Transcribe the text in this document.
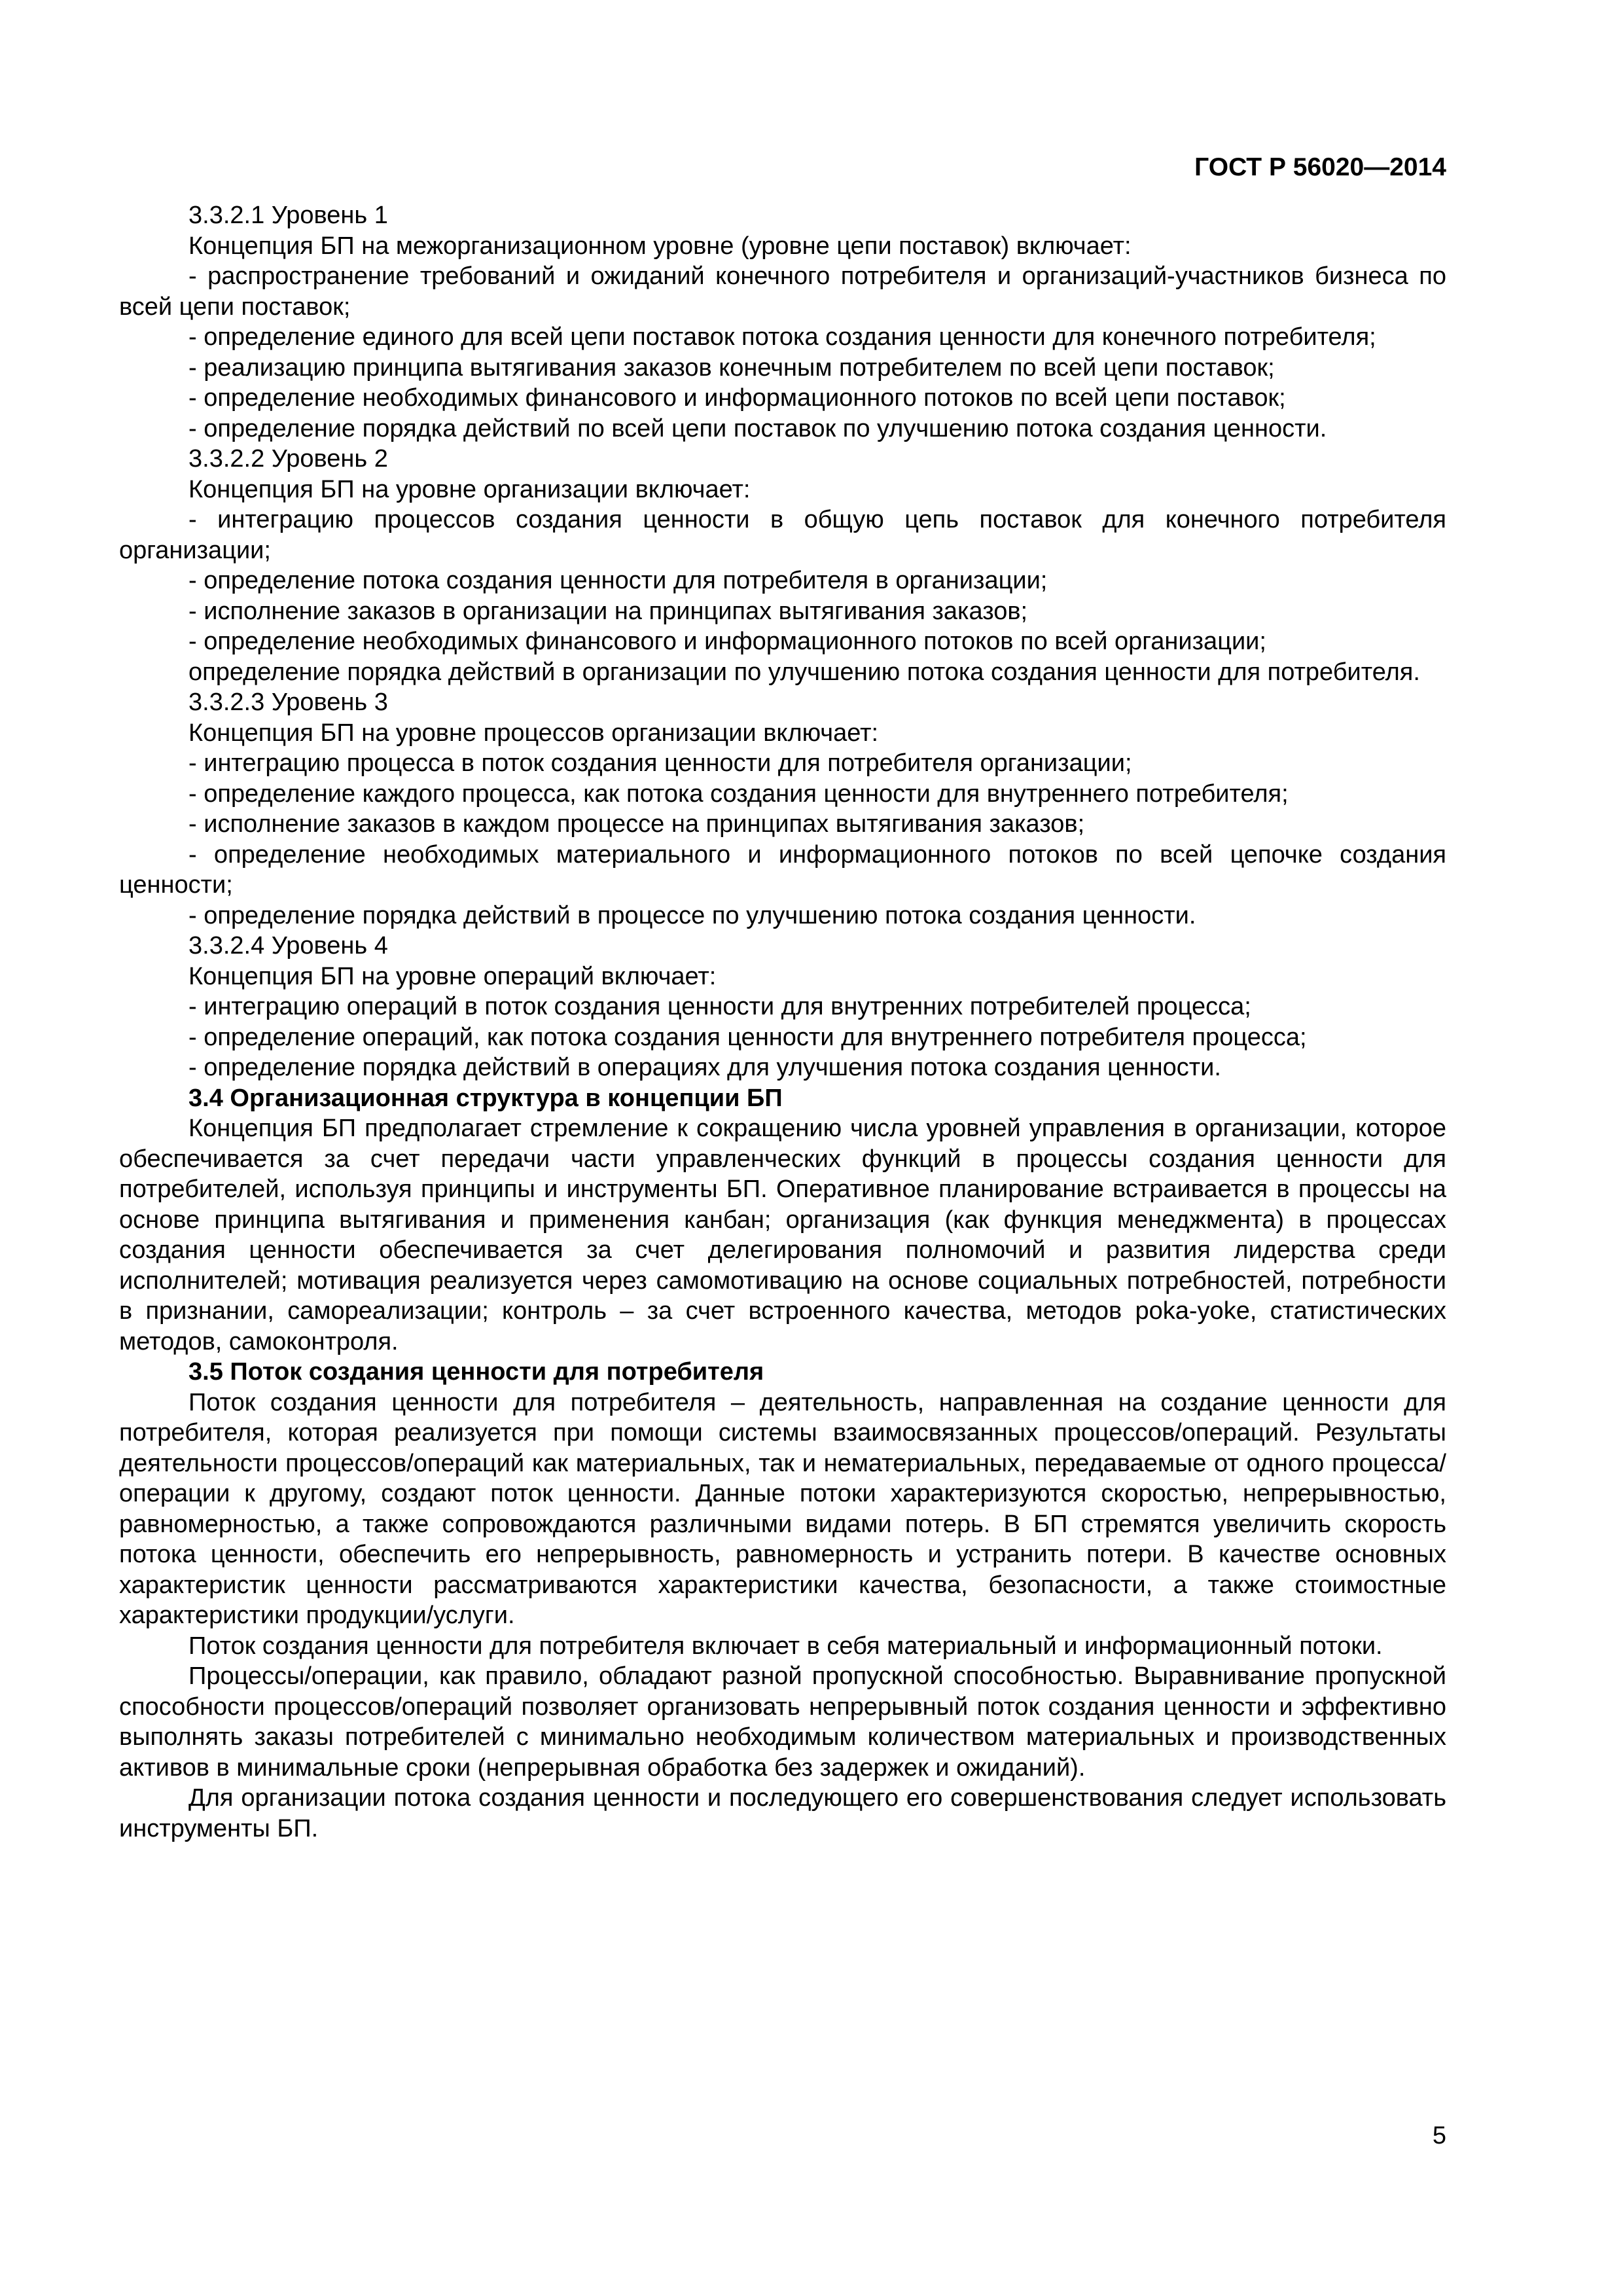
ГОСТ Р 56020—2014

3.3.2.1 Уровень 1

Концепция БП на межорганизационном уровне (уровне цепи поставок) включает:

- распространение требований и ожиданий конечного потребителя и организаций-участников бизнеса по всей цепи поставок;

- определение единого для всей цепи поставок потока создания ценности для конечного потребителя;

- реализацию принципа вытягивания заказов конечным потребителем по всей цепи поставок;

- определение необходимых финансового и информационного потоков по всей цепи поставок;

- определение порядка действий по всей цепи поставок по улучшению потока создания ценности.

3.3.2.2 Уровень 2

Концепция БП на уровне организации включает:

- интеграцию процессов создания ценности в общую цепь поставок для конечного потребителя организации;

- определение потока создания ценности для потребителя в организации;

- исполнение заказов в организации на принципах вытягивания заказов;

- определение необходимых финансового и информационного потоков по всей организации;

определение порядка действий в организации по улучшению потока создания ценности для потребителя.

3.3.2.3 Уровень 3

Концепция БП на уровне процессов организации включает:

- интеграцию процесса в поток создания ценности для потребителя организации;

- определение каждого процесса, как потока создания ценности для внутреннего потребителя;

- исполнение заказов в каждом процессе на принципах вытягивания заказов;

- определение необходимых материального и информационного потоков по всей цепочке создания ценности;

- определение порядка действий в процессе по улучшению потока создания ценности.

3.3.2.4 Уровень 4

Концепция БП на уровне операций включает:

- интеграцию операций в поток создания ценности для внутренних потребителей процесса;

- определение операций, как потока создания ценности для внутреннего потребителя процесса;

- определение порядка действий в операциях для улучшения потока создания ценности.

3.4 Организационная структура в концепции БП

Концепция БП предполагает стремление к сокращению числа уровней управления в организации, которое обеспечивается за счет передачи части управленческих функций в процессы создания ценности для потребителей, используя принципы и инструменты БП. Оперативное планирование встраивается в процессы на основе принципа вытягивания и применения канбан; организация (как функция менеджмента) в процессах создания ценности обеспечивается за счет делегирования полномочий и развития лидерства среди исполнителей; мотивация реализуется через самомотивацию на основе социальных потребностей, потребности в признании, самореализации; контроль – за счет встроенного качества, методов poka-yoke, статистических методов, самоконтроля.

3.5 Поток создания ценности для потребителя

Поток создания ценности для потребителя – деятельность, направленная на создание ценности для потребителя, которая реализуется при помощи системы взаимосвязанных процессов/операций. Результаты деятельности процессов/операций как материальных, так и нематериальных, передаваемые от одного процесса/операции к другому, создают поток ценности. Данные потоки характеризуются скоростью, непрерывностью, равномерностью, а также сопровождаются различными видами потерь. В БП стремятся увеличить скорость потока ценности, обеспечить его непрерывность, равномерность и устранить потери. В качестве основных характеристик ценности рассматриваются характеристики качества, безопасности, а также стоимостные характеристики продукции/услуги.

Поток создания ценности для потребителя включает в себя материальный и информационный потоки.

Процессы/операции, как правило, обладают разной пропускной способностью. Выравнивание пропускной способности процессов/операций позволяет организовать непрерывный поток создания ценности и эффективно выполнять заказы потребителей с минимально необходимым количеством материальных и производственных активов в минимальные сроки (непрерывная обработка без задержек и ожиданий).

Для организации потока создания ценности и последующего его совершенствования следует использовать инструменты БП.

5
